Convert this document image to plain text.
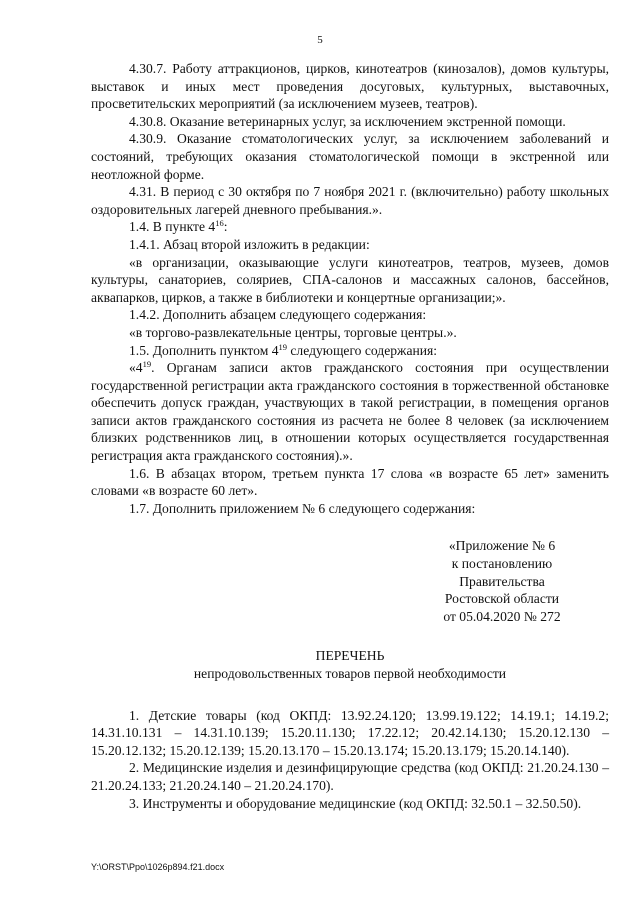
5

4.30.7. Работу аттракционов, цирков, кинотеатров (кинозалов), домов культуры, выставок и иных мест проведения досуговых, культурных, выставочных, просветительских мероприятий (за исключением музеев, театров).

4.30.8. Оказание ветеринарных услуг, за исключением экстренной помощи.

4.30.9. Оказание стоматологических услуг, за исключением заболеваний и состояний, требующих оказания стоматологической помощи в экстренной или неотложной форме.

4.31. В период с 30 октября по 7 ноября 2021 г. (включительно) работу школьных оздоровительных лагерей дневного пребывания.».

1.4. В пункте $4^{16}$:

1.4.1. Абзац второй изложить в редакции:

«в организации, оказывающие услуги кинотеатров, театров, музеев, домов культуры, санаториев, соляриев, СПА-салонов и массажных салонов, бассейнов, аквапарков, цирков, а также в библиотеки и концертные организации;».

1.4.2. Дополнить абзацем следующего содержания:

«в торгово-развлекательные центры, торговые центры.».

1.5. Дополнить пунктом $4^{19}$ следующего содержания:

«$4^{19}$. Органам записи актов гражданского состояния при осуществлении государственной регистрации акта гражданского состояния в торжественной обстановке обеспечить допуск граждан, участвующих в такой регистрации, в помещения органов записи актов гражданского состояния из расчета не более 8 человек (за исключением близких родственников лиц, в отношении которых осуществляется государственная регистрация акта гражданского состояния).».

1.6. В абзацах втором, третьем пункта 17 слова «в возрасте 65 лет» заменить словами «в возрасте 60 лет».

1.7. Дополнить приложением № 6 следующего содержания:

«Приложение № 6
к постановлению
Правительства
Ростовской области
от 05.04.2020 № 272
ПЕРЕЧЕНЬ
непродовольственных товаров первой необходимости

1. Детские товары (код ОКПД: 13.92.24.120; 13.99.19.122; 14.19.1; 14.19.2; 14.31.10.131 – 14.31.10.139; 15.20.11.130; 17.22.12; 20.42.14.130; 15.20.12.130 – 15.20.12.132; 15.20.12.139; 15.20.13.170 – 15.20.13.174; 15.20.13.179; 15.20.14.140).

2. Медицинские изделия и дезинфицирующие средства (код ОКПД: 21.20.24.130 – 21.20.24.133; 21.20.24.140 – 21.20.24.170).

3. Инструменты и оборудование медицинские (код ОКПД: 32.50.1 – 32.50.50).

Y:\ORST\Ppo\1026p894.f21.docx
